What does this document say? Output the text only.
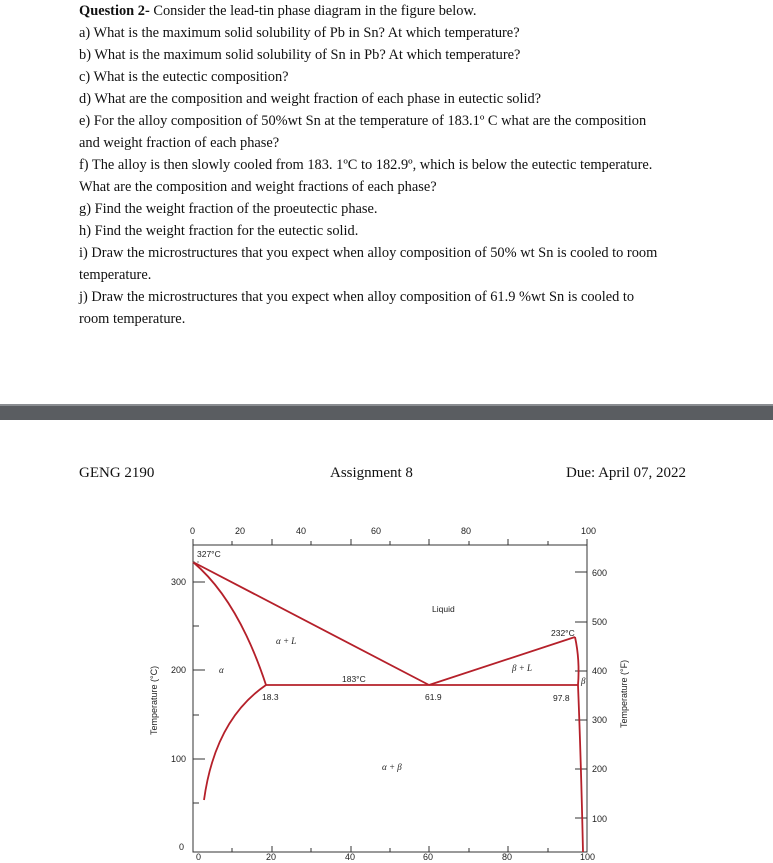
Question 2- Consider the lead-tin phase diagram in the figure below.

a) What is the maximum solid solubility of Pb in Sn? At which temperature?

b) What is the maximum solid solubility of Sn in Pb? At which temperature?

c) What is the eutectic composition?

d) What are the composition and weight fraction of each phase in eutectic solid?

e) For the alloy composition of 50%wt Sn at the temperature of 183.1º C what are the composition

and weight fraction of each phase?

f) The alloy is then slowly cooled from 183. 1ºC to 182.9º, which is below the eutectic temperature.

What are the composition and weight fractions of each phase?

g) Find the weight fraction of the proeutectic phase.

h) Find the weight fraction for the eutectic solid.

i) Draw the microstructures that you expect when alloy composition of 50% wt Sn is cooled to room

temperature.

j) Draw the microstructures that you expect when alloy composition of 61.9 %wt Sn is cooled to

room temperature.

GENG 2190	Assignment 8	Due: April 07, 2022
0	20	40	60	80	100
0	20	40	60	80	100
0
100
200
300
Temperature (°C)
100
200
300
400
500
600
Temperature (°F)
327°C
232°C
Liquid
α + L
β + L
α
β
α + β
183°C
18.3	61.9	97.8
